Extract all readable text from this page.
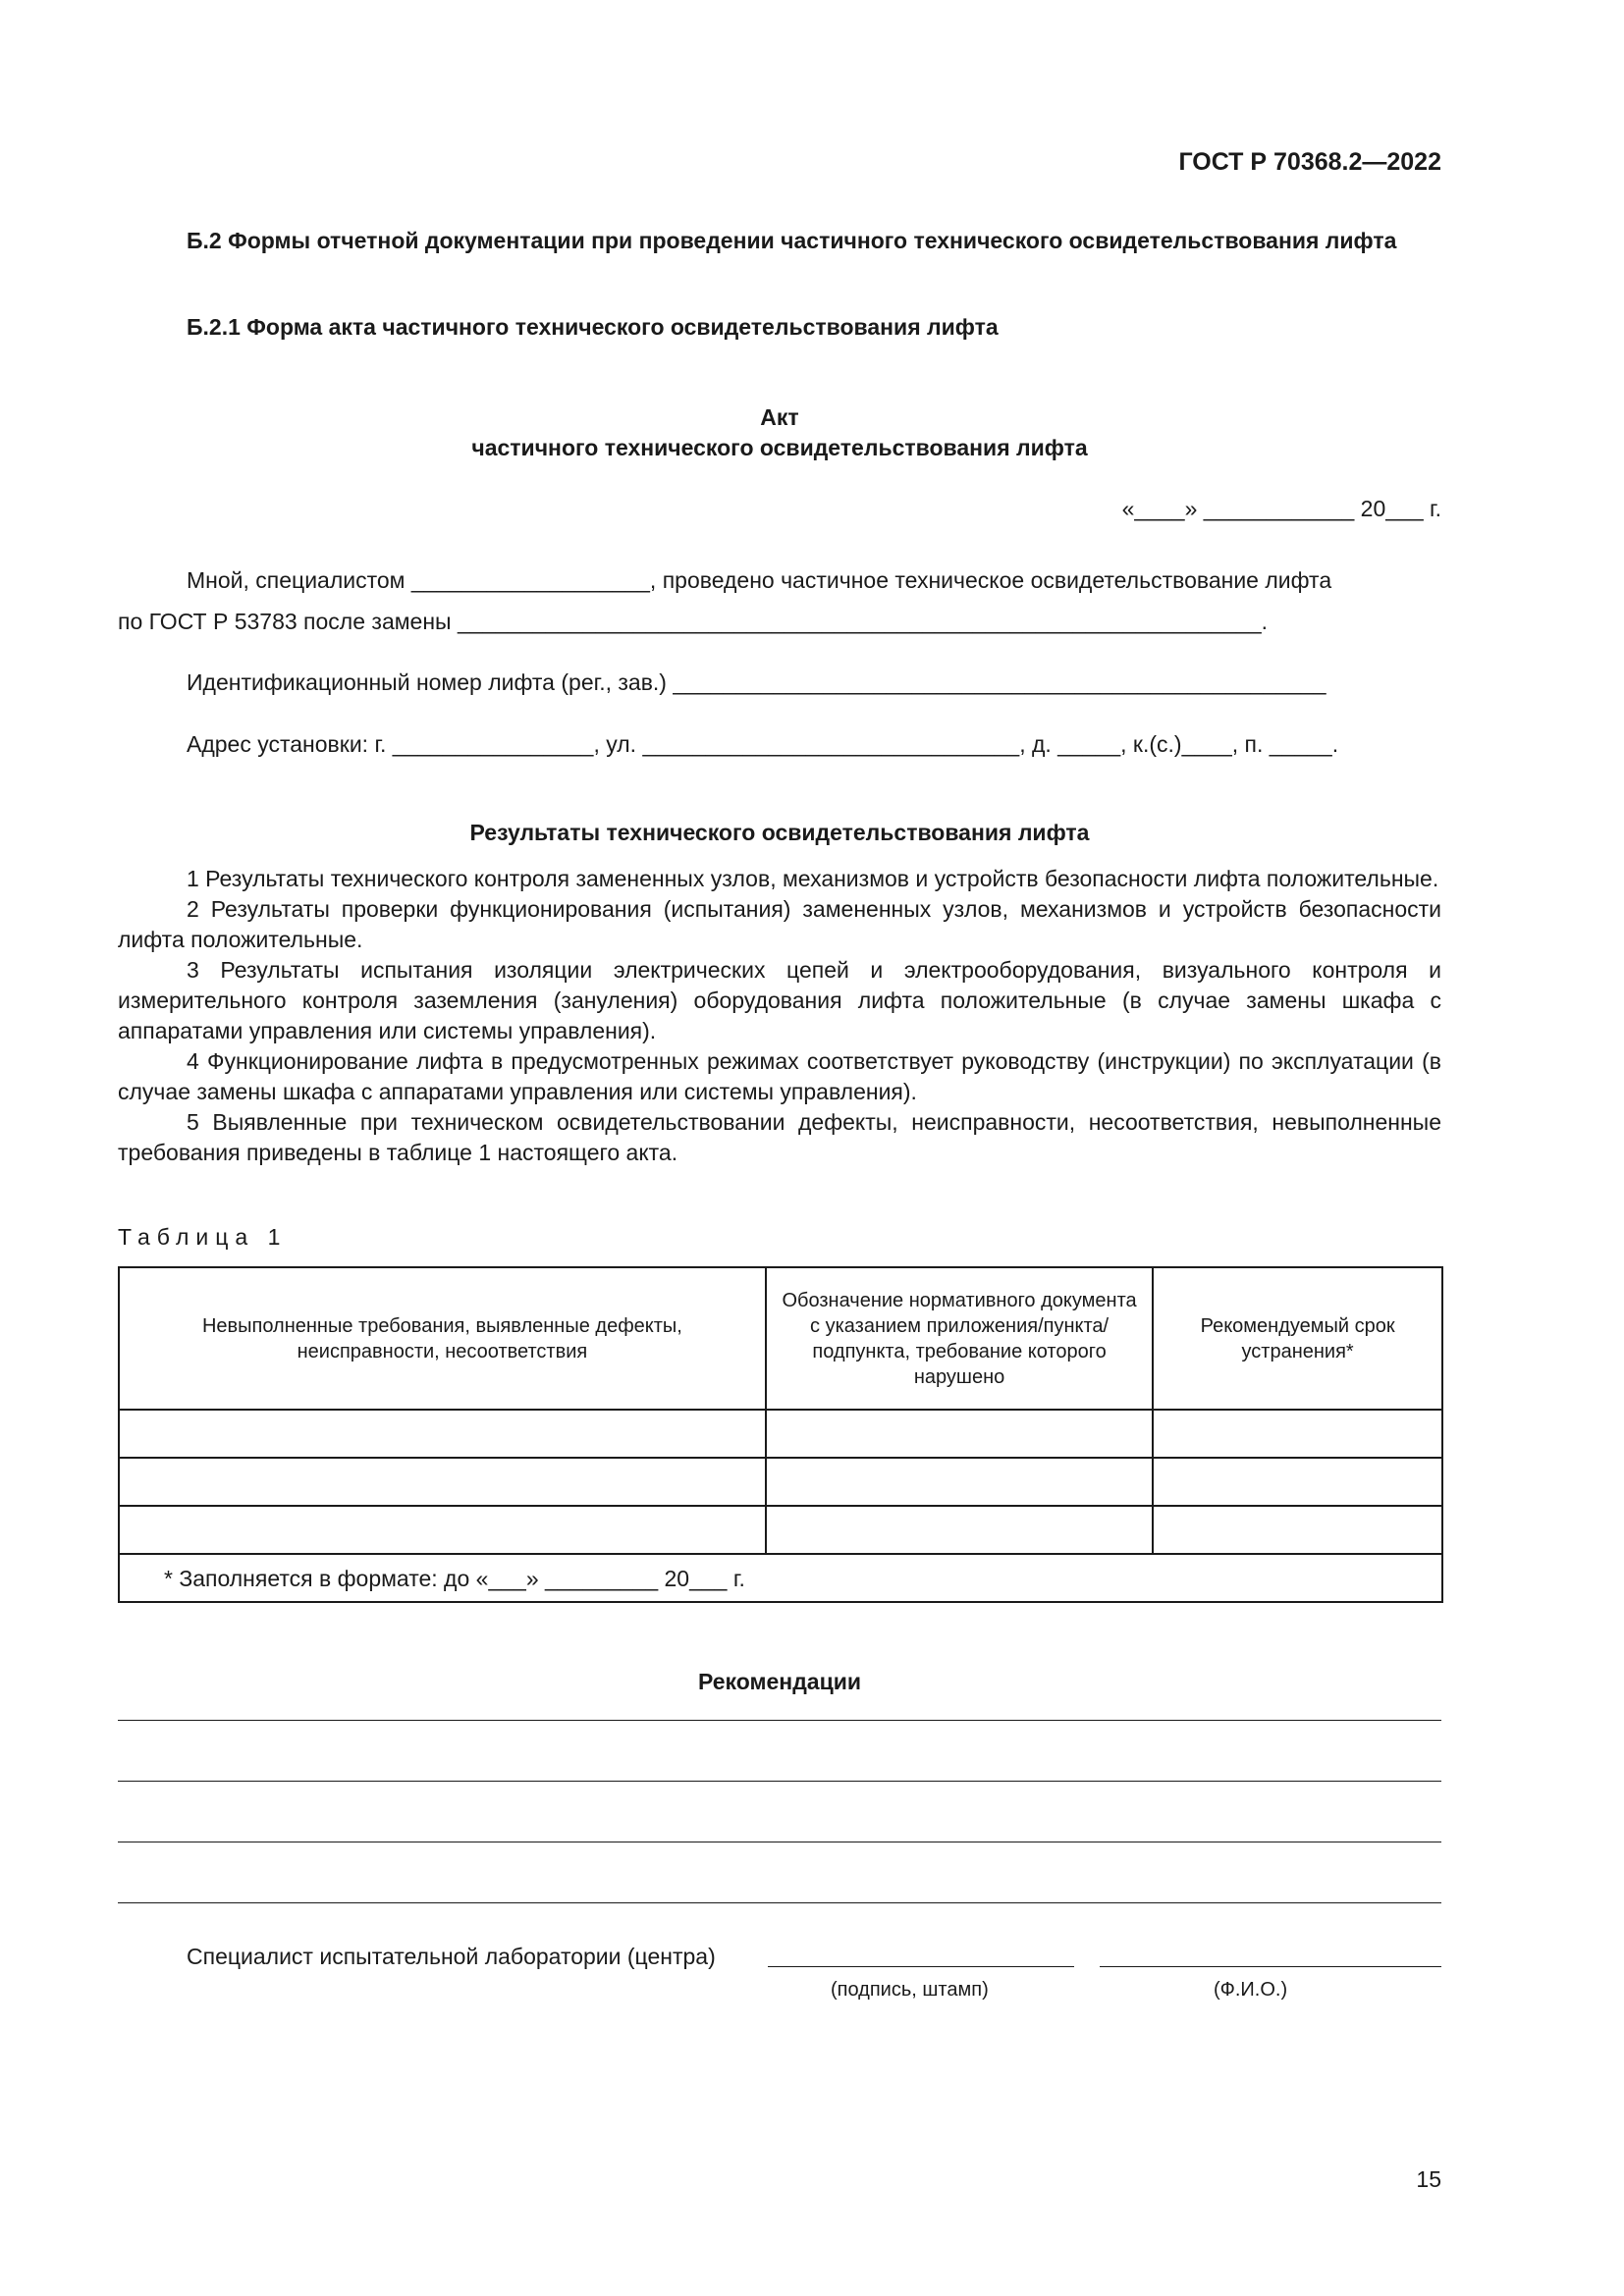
ГОСТ Р 70368.2—2022
Б.2 Формы отчетной документации при проведении частичного технического освидетельствования лифта
Б.2.1 Форма акта частичного технического освидетельствования лифта
Акт
частичного технического освидетельствования лифта
«____» ____________ 20___ г.
Мной, специалистом ___________________, проведено частичное техническое освидетельствование лифта
по ГОСТ Р 53783 после замены ________________________________________________________________.
Идентификационный номер лифта (рег., зав.) ____________________________________________________
Адрес установки: г. ________________, ул. ______________________________, д. _____, к.(с.)____, п. _____.
Результаты технического освидетельствования лифта

1 Результаты технического контроля замененных узлов, механизмов и устройств безопасности лифта положительные.

2 Результаты проверки функционирования (испытания) замененных узлов, механизмов и устройств безопасности лифта положительные.

3 Результаты испытания изоляции электрических цепей и электрооборудования, визуального контроля и измерительного контроля заземления (зануления) оборудования лифта положительные (в случае замены шкафа с аппаратами управления или системы управления).

4 Функционирование лифта в предусмотренных режимах соответствует руководству (инструкции) по эксплуатации (в случае замены шкафа с аппаратами управления или системы управления).

5 Выявленные при техническом освидетельствовании дефекты, неисправности, несоответствия, невыполненные требования приведены в таблице 1 настоящего акта.

Таблица 1
Невыполненные требования, выявленные дефекты, неисправности, несоответствия	Обозначение нормативного документа с указанием приложения/пункта/подпункта, требование которого нарушено	Рекомендуемый срок устранения*

* Заполняется в формате: до «___» _________ 20___ г.		
Рекомендации
Специалист испытательной лаборатории (центра)
(подпись, штамп)	(Ф.И.О.)
15
